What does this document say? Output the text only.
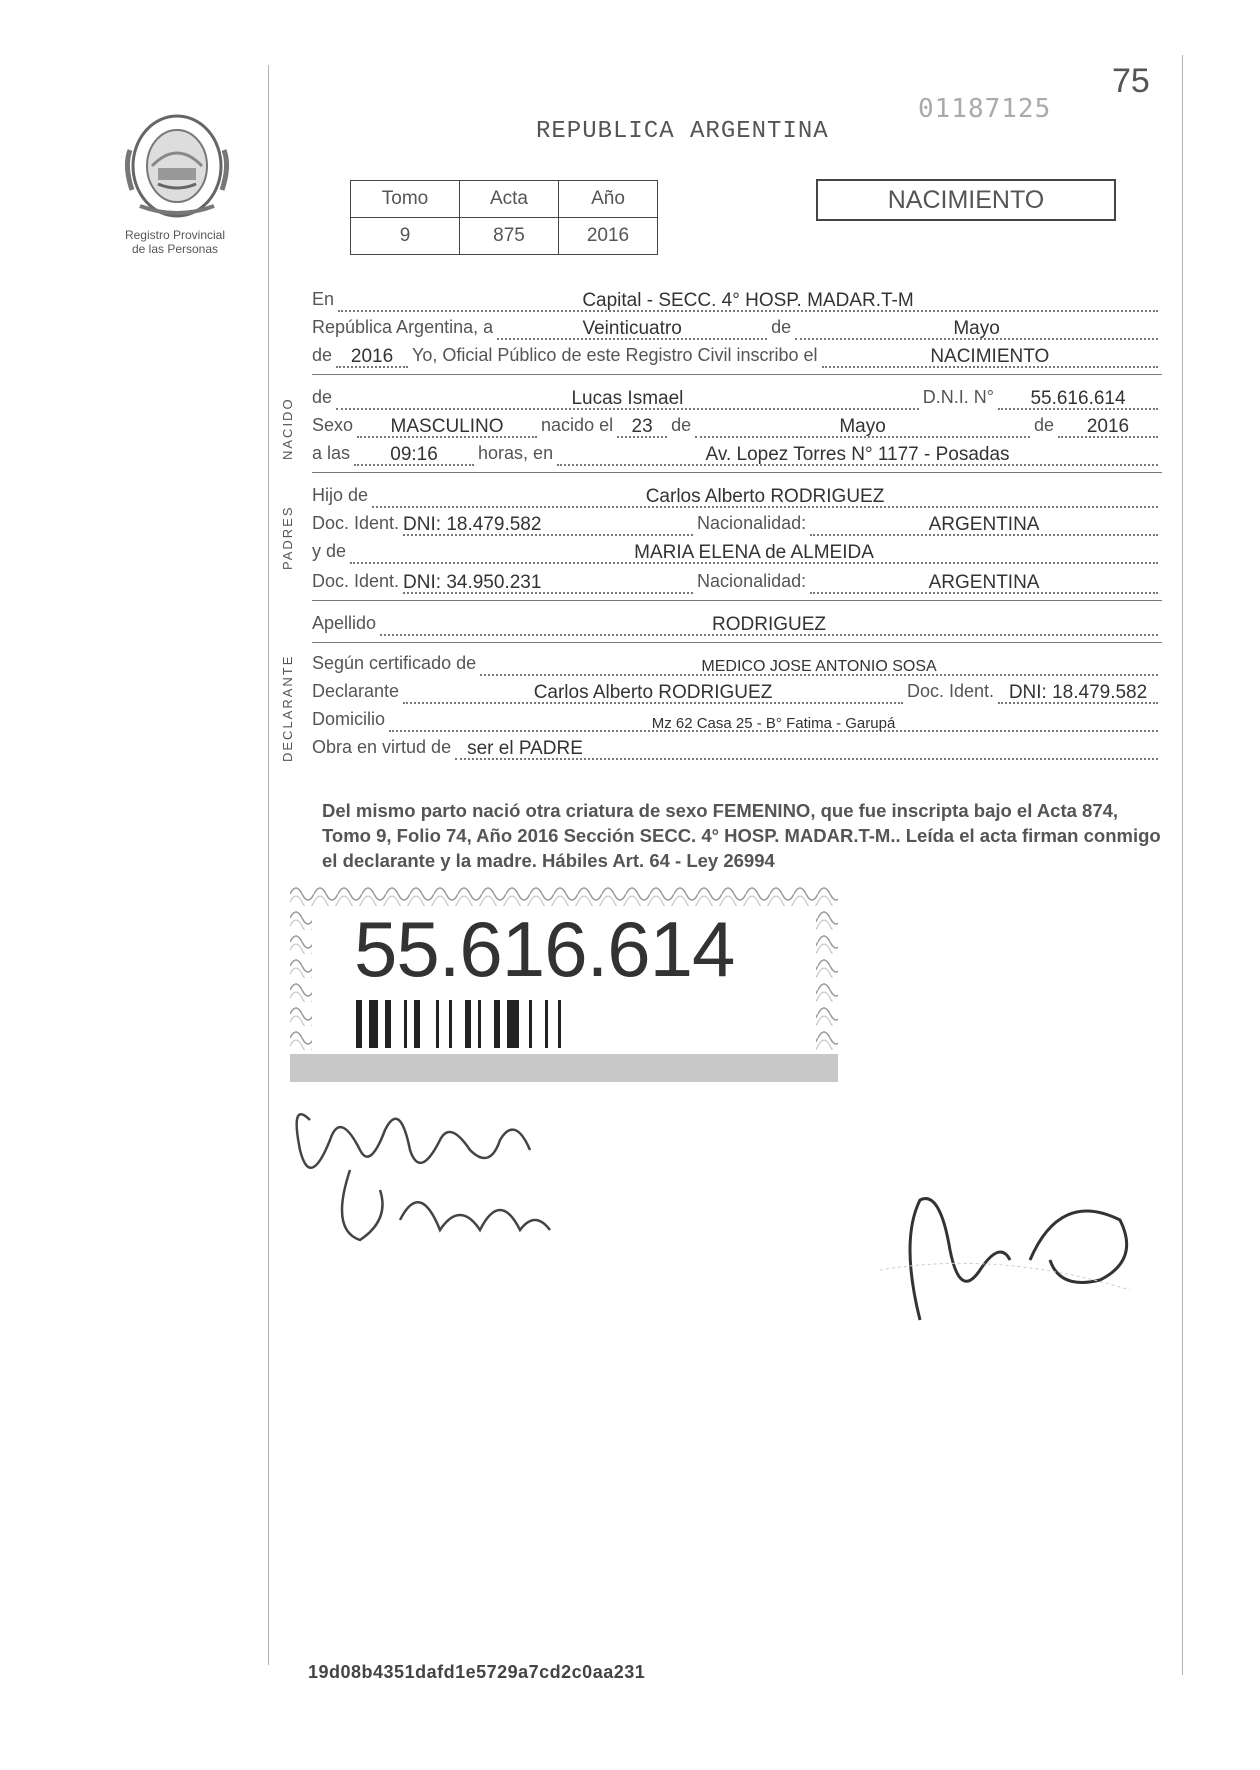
75
01187125
Registro Provincial
de las Personas
REPUBLICA ARGENTINA
Tomo	Acta	Año
9	875	2016
NACIMIENTO
NACIDO
PADRES
DECLARANTE
En	Capital - SECC. 4° HOSP. MADAR.T-M
República Argentina, a	Veinticuatro	de	Mayo
de 2016	Yo, Oficial Público de este Registro Civil inscribo el	NACIMIENTO
de	Lucas Ismael	D.N.I. N°	55.616.614
Sexo	MASCULINO	nacido el 23	de	Mayo	de	2016
a las	09:16	horas, en	Av. Lopez Torres N° 1177 - Posadas
Hijo de	Carlos Alberto RODRIGUEZ
Doc. Ident. DNI: 18.479.582	Nacionalidad:	ARGENTINA
y de	MARIA ELENA de ALMEIDA
Doc. Ident. DNI: 34.950.231	Nacionalidad:	ARGENTINA
Apellido	RODRIGUEZ
Según certificado de	MEDICO JOSE ANTONIO SOSA
Declarante	Carlos Alberto RODRIGUEZ	Doc. Ident. DNI: 18.479.582
Domicilio	Mz 62 Casa 25 - B° Fatima - Garupá
Obra en virtud de ser el PADRE
Del mismo parto nació otra criatura de sexo FEMENINO, que fue inscripta bajo el Acta 874, Tomo 9, Folio 74, Año 2016 Sección SECC. 4° HOSP. MADAR.T-M.. Leída el acta firman conmigo el declarante y la madre. Hábiles Art. 64 - Ley 26994
55.616.614
19d08b4351dafd1e5729a7cd2c0aa231
